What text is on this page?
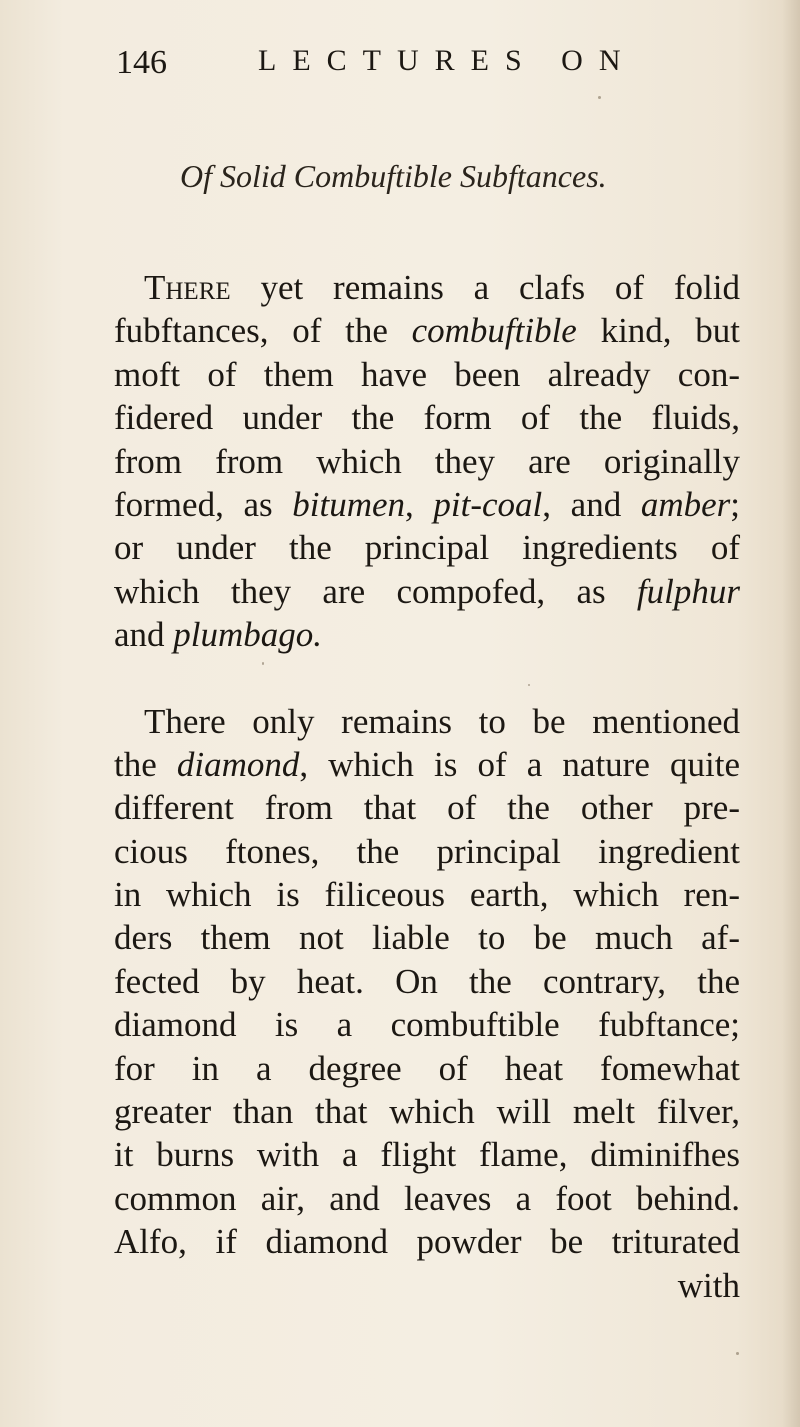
146	LECTURES ON
Of Solid Combuftible Subftances.
There yet remains a clafs of folid
fubftances, of the combuftible kind, but
moft of them have been already con-
fidered under the form of the fluids,
from from which they are originally
formed, as bitumen, pit-coal, and amber;
or under the principal ingredients of
which they are compofed, as fulphur
and plumbago.
There only remains to be mentioned
the diamond, which is of a nature quite
different from that of the other pre-
cious ftones, the principal ingredient
in which is filiceous earth, which ren-
ders them not liable to be much af-
fected by heat. On the contrary, the
diamond is a combuftible fubftance;
for in a degree of heat fomewhat
greater than that which will melt filver,
it burns with a flight flame, diminifhes
common air, and leaves a foot behind.
Alfo, if diamond powder be triturated
with
